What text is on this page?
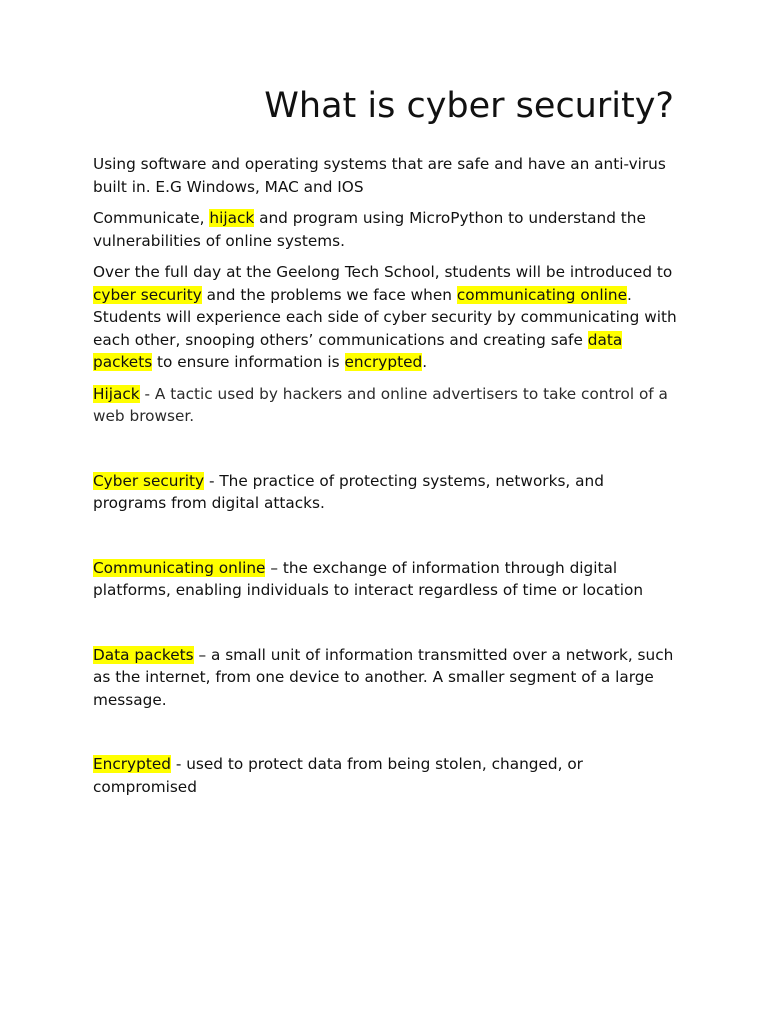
What is cyber security?

Using software and operating systems that are safe and have an anti-virus built in. E.G Windows, MAC and IOS

Communicate, hijack and program using MicroPython to understand the vulnerabilities of online systems.

Over the full day at the Geelong Tech School, students will be introduced to cyber security and the problems we face when communicating online. Students will experience each side of cyber security by communicating with each other, snooping others’ communications and creating safe data packets to ensure information is encrypted.

Hijack - A tactic used by hackers and online advertisers to take control of a web browser.

Cyber security - The practice of protecting systems, networks, and programs from digital attacks.

Communicating online – the exchange of information through digital platforms, enabling individuals to interact regardless of time or location

Data packets – a small unit of information transmitted over a network, such as the internet, from one device to another. A smaller segment of a large message.

Encrypted - used to protect data from being stolen, changed, or compromised
